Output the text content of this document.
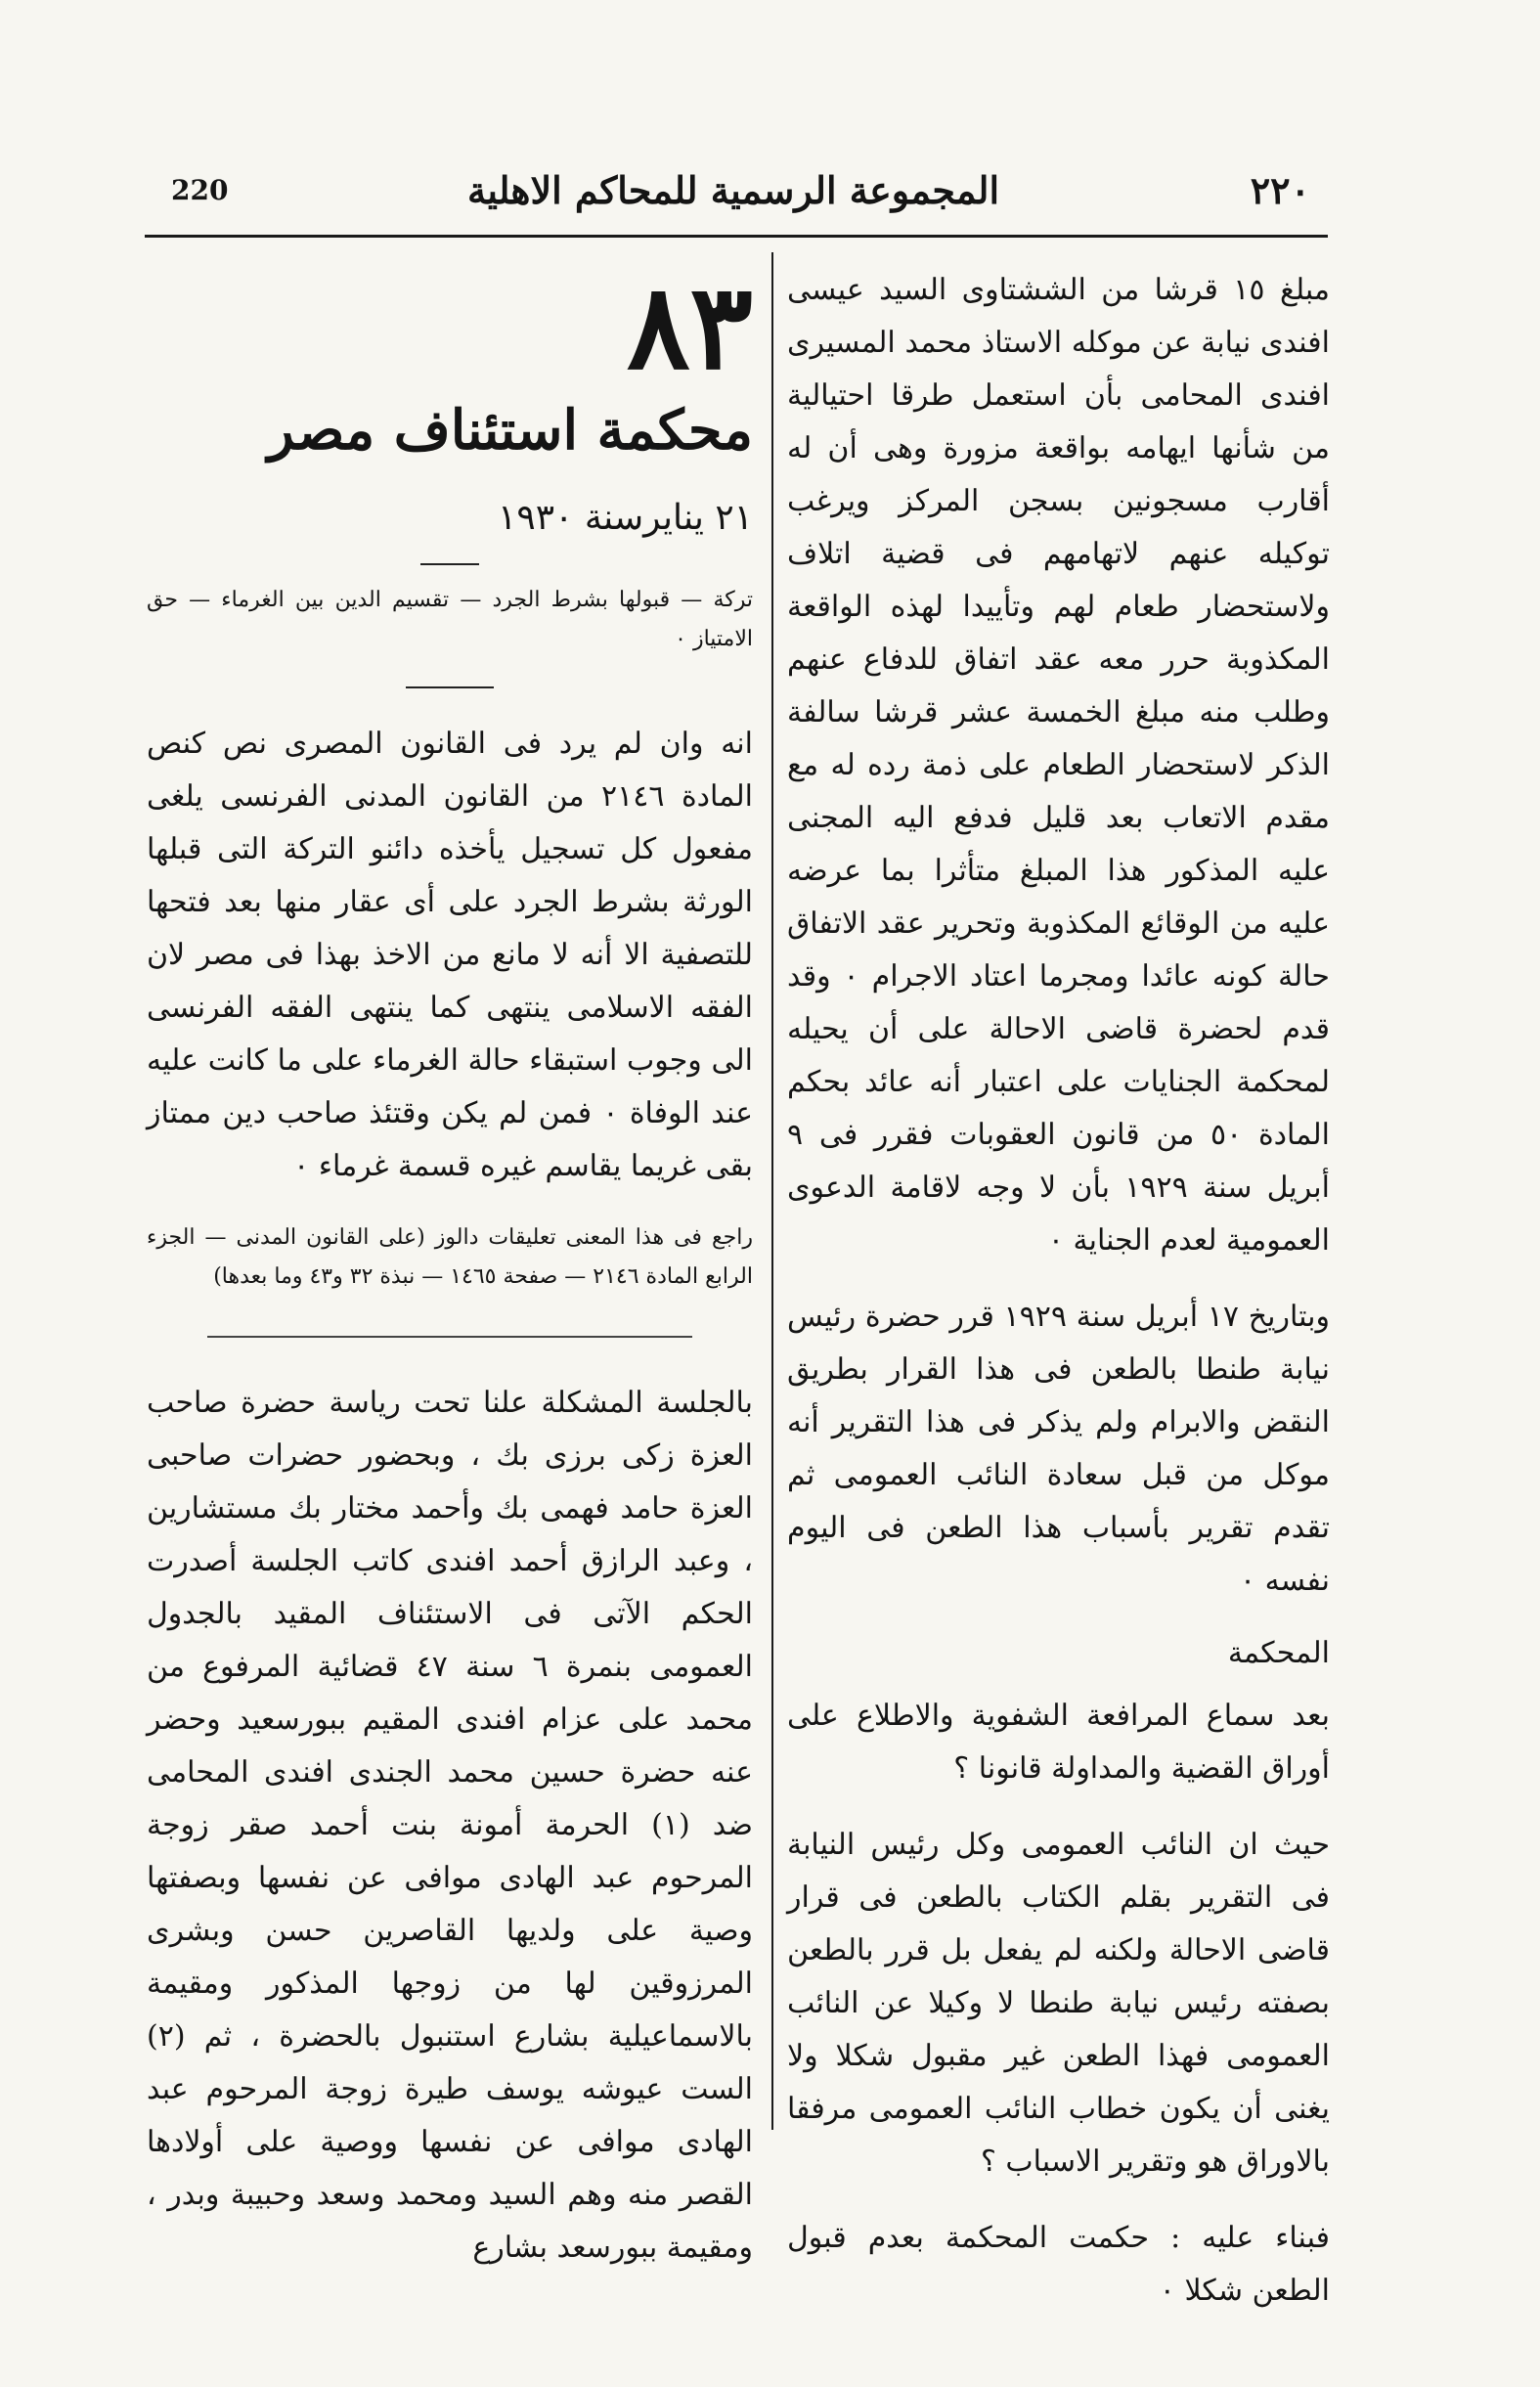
220	المجموعة الرسمية للمحاكم الاهلية	٢٢٠

مبلغ ١٥ قرشا من الششتاوى السيد عيسى افندى نيابة عن موكله الاستاذ محمد المسيرى افندى المحامى بأن استعمل طرقا احتيالية من شأنها ايهامه بواقعة مزورة وهى أن له أقارب مسجونين بسجن المركز ويرغب توكيله عنهم لاتهامهم فى قضية اتلاف ولاستحضار طعام لهم وتأييدا لهذه الواقعة المكذوبة حرر معه عقد اتفاق للدفاع عنهم وطلب منه مبلغ الخمسة عشر قرشا سالفة الذكر لاستحضار الطعام على ذمة رده له مع مقدم الاتعاب بعد قليل فدفع اليه المجنى عليه المذكور هذا المبلغ متأثرا بما عرضه عليه من الوقائع المكذوبة وتحرير عقد الاتفاق حالة كونه عائدا ومجرما اعتاد الاجرام ٠ وقد قدم لحضرة قاضى الاحالة على أن يحيله لمحكمة الجنايات على اعتبار أنه عائد بحكم المادة ٥٠ من قانون العقوبات فقرر فى ٩ أبريل سنة ١٩٢٩ بأن لا وجه لاقامة الدعوى العمومية لعدم الجناية ٠

وبتاريخ ١٧ أبريل سنة ١٩٢٩ قرر حضرة رئيس نيابة طنطا بالطعن فى هذا القرار بطريق النقض والابرام ولم يذكر فى هذا التقرير أنه موكل من قبل سعادة النائب العمومى ثم تقدم تقرير بأسباب هذا الطعن فى اليوم نفسه ٠

المحكمة

بعد سماع المرافعة الشفوية والاطلاع على أوراق القضية والمداولة قانونا ؟

حيث ان النائب العمومى وكل رئيس النيابة فى التقرير بقلم الكتاب بالطعن فى قرار قاضى الاحالة ولكنه لم يفعل بل قرر بالطعن بصفته رئيس نيابة طنطا لا وكيلا عن النائب العمومى فهذا الطعن غير مقبول شكلا ولا يغنى أن يكون خطاب النائب العمومى مرفقا بالاوراق هو وتقرير الاسباب ؟

فبناء عليه : حكمت المحكمة بعدم قبول الطعن شكلا ٠

٨٣
محكمة استئناف مصر
٢١ ينايرسنة ١٩٣٠
تركة — قبولها بشرط الجرد — تقسيم الدين بين الغرماء — حق الامتياز ٠

انه وان لم يرد فى القانون المصرى نص كنص المادة ٢١٤٦ من القانون المدنى الفرنسى يلغى مفعول كل تسجيل يأخذه دائنو التركة التى قبلها الورثة بشرط الجرد على أى عقار منها بعد فتحها للتصفية الا أنه لا مانع من الاخذ بهذا فى مصر لان الفقه الاسلامى ينتهى كما ينتهى الفقه الفرنسى الى وجوب استبقاء حالة الغرماء على ما كانت عليه عند الوفاة ٠ فمن لم يكن وقتئذ صاحب دين ممتاز بقى غريما يقاسم غيره قسمة غرماء ٠

راجع فى هذا المعنى تعليقات دالوز (على القانون المدنى — الجزء الرابع المادة ٢١٤٦ — صفحة ١٤٦٥ — نبذة ٣٢ و٤٣ وما بعدها)

بالجلسة المشكلة علنا تحت رياسة حضرة صاحب العزة زكى برزى بك ، وبحضور حضرات صاحبى العزة حامد فهمى بك وأحمد مختار بك مستشارين ، وعبد الرازق أحمد افندى كاتب الجلسة أصدرت الحكم الآتى فى الاستئناف المقيد بالجدول العمومى بنمرة ٦ سنة ٤٧ قضائية المرفوع من محمد على عزام افندى المقيم ببورسعيد وحضر عنه حضرة حسين محمد الجندى افندى المحامى ضد (١) الحرمة أمونة بنت أحمد صقر زوجة المرحوم عبد الهادى موافى عن نفسها وبصفتها وصية على ولديها القاصرين حسن وبشرى المرزوقين لها من زوجها المذكور ومقيمة بالاسماعيلية بشارع استنبول بالحضرة ، ثم (٢) الست عيوشه يوسف طيرة زوجة المرحوم عبد الهادى موافى عن نفسها ووصية على أولادها القصر منه وهم السيد ومحمد وسعد وحبيبة وبدر ، ومقيمة ببورسعد بشارع
